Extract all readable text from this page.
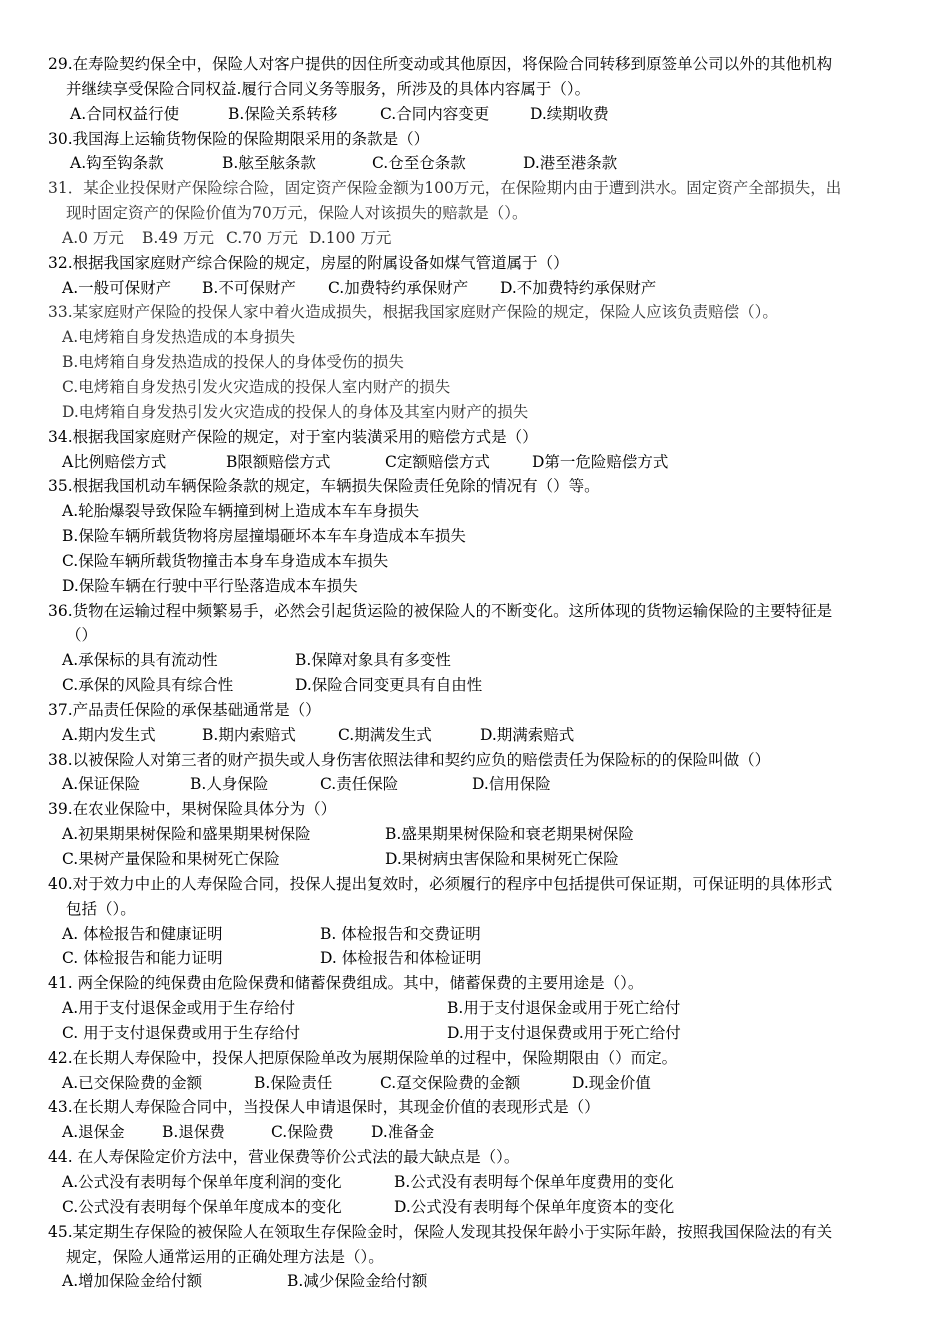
29.在寿险契约保全中，保险人对客户提供的因住所变动或其他原因，将保险合同转移到原签单公司以外的其他机构
并继续享受保险合同权益.履行合同义务等服务，所涉及的具体内容属于（）。
A.合同权益行使	B.保险关系转移	C.合同内容变更	D.续期收费
30.我国海上运输货物保险的保险期限采用的条款是（）
A.钩至钩条款	B.舷至舷条款	C.仓至仓条款	D.港至港条款
31．某企业投保财产保险综合险，固定资产保险金额为100万元，在保险期内由于遭到洪水。固定资产全部损失，出
现时固定资产的保险价值为70万元，保险人对该损失的赔款是（）。
A.0 万元 B.49 万元 C.70 万元 D.100 万元
32.根据我国家庭财产综合保险的规定，房屋的附属设备如煤气管道属于（）
A.一般可保财产 B.不可保财产 C.加费特约承保财产 D.不加费特约承保财产
33.某家庭财产保险的投保人家中着火造成损失，根据我国家庭财产保险的规定，保险人应该负责赔偿（）。
A.电烤箱自身发热造成的本身损失
B.电烤箱自身发热造成的投保人的身体受伤的损失
C.电烤箱自身发热引发火灾造成的投保人室内财产的损失
D.电烤箱自身发热引发火灾造成的投保人的身体及其室内财产的损失
34.根据我国家庭财产保险的规定，对于室内装潢采用的赔偿方式是（）
A比例赔偿方式	B限额赔偿方式	C定额赔偿方式	D第一危险赔偿方式
35.根据我国机动车辆保险条款的规定，车辆损失保险责任免除的情况有（）等。
A.轮胎爆裂导致保险车辆撞到树上造成本车车身损失
B.保险车辆所载货物将房屋撞塌砸坏本车车身造成本车损失
C.保险车辆所载货物撞击本身车身造成本车损失
D.保险车辆在行驶中平行坠落造成本车损失
36.货物在运输过程中频繁易手，必然会引起货运险的被保险人的不断变化。这所体现的货物运输保险的主要特征是
（）
A.承保标的具有流动性	B.保障对象具有多变性
C.承保的风险具有综合性	D.保险合同变更具有自由性
37.产品责任保险的承保基础通常是（）
A.期内发生式	B.期内索赔式	C.期满发生式	D.期满索赔式
38.以被保险人对第三者的财产损失或人身伤害依照法律和契约应负的赔偿责任为保险标的的保险叫做（）
A.保证保险	B.人身保险	C.责任保险	D.信用保险
39.在农业保险中，果树保险具体分为（）
A.初果期果树保险和盛果期果树保险	B.盛果期果树保险和衰老期果树保险
C.果树产量保险和果树死亡保险	D.果树病虫害保险和果树死亡保险
40.对于效力中止的人寿保险合同，投保人提出复效时，必须履行的程序中包括提供可保证期，可保证明的具体形式
包括（）。
A. 体检报告和健康证明	B. 体检报告和交费证明
C. 体检报告和能力证明	D. 体检报告和体检证明
41. 两全保险的纯保费由危险保费和储蓄保费组成。其中，储蓄保费的主要用途是（）。
A.用于支付退保金或用于生存给付	B.用于支付退保金或用于死亡给付
C. 用于支付退保费或用于生存给付	D.用于支付退保费或用于死亡给付
42.在长期人寿保险中，投保人把原保险单改为展期保险单的过程中，保险期限由（）而定。
A.已交保险费的金额	B.保险责任	C.趸交保险费的金额	D.现金价值
43.在长期人寿保险合同中，当投保人申请退保时，其现金价值的表现形式是（）
A.退保金 B.退保费	C.保险费 D.准备金
44. 在人寿保险定价方法中，营业保费等价公式法的最大缺点是（）。
A.公式没有表明每个保单年度利润的变化	B.公式没有表明每个保单年度费用的变化
C.公式没有表明每个保单年度成本的变化	D.公式没有表明每个保单年度资本的变化
45.某定期生存保险的被保险人在领取生存保险金时，保险人发现其投保年龄小于实际年龄，按照我国保险法的有关
规定，保险人通常运用的正确处理方法是（）。
A.增加保险金给付额	B.减少保险金给付额
